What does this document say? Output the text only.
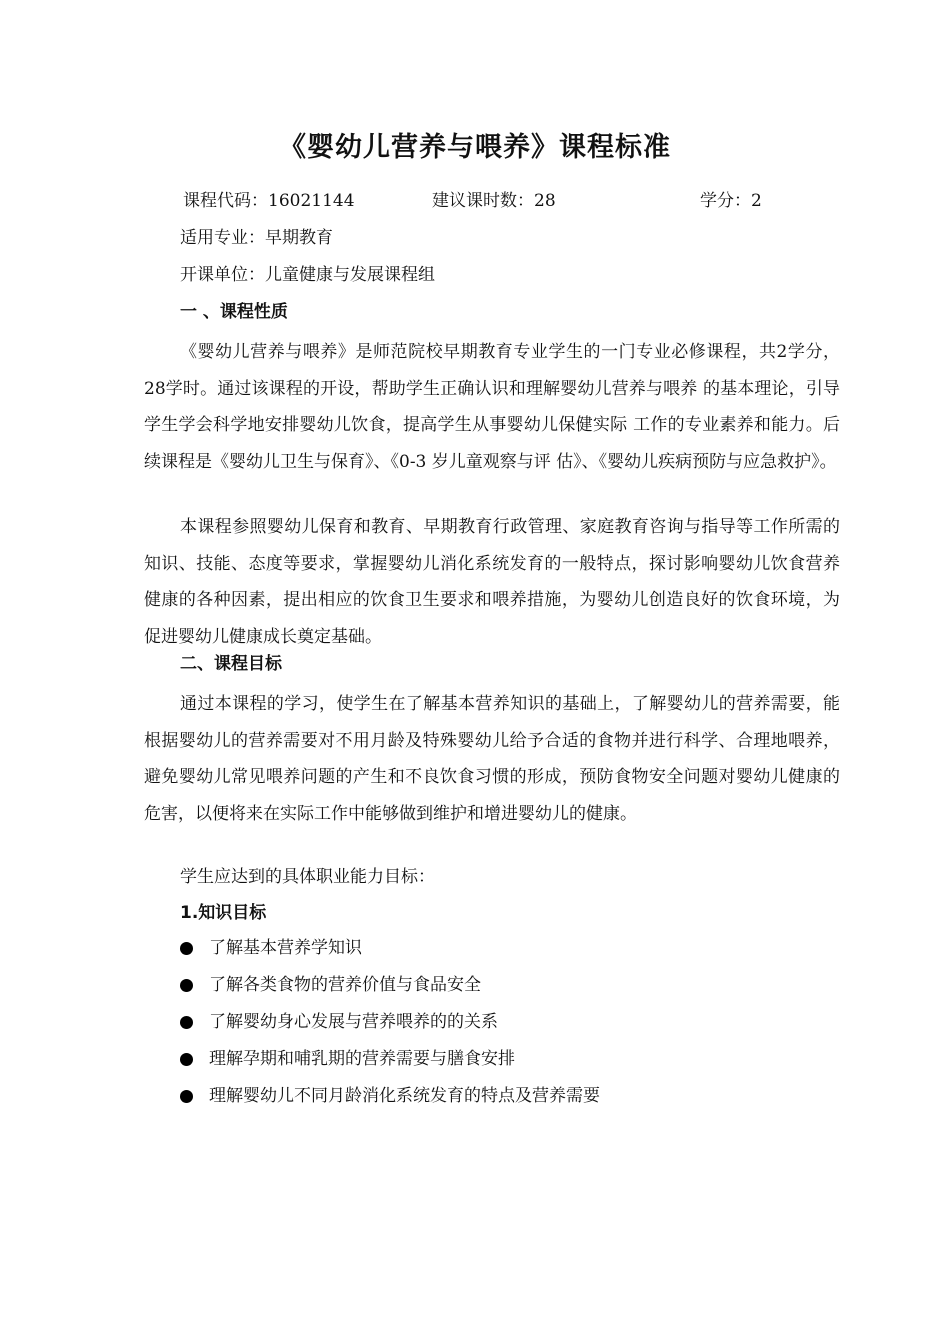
《婴幼儿营养与喂养》课程标准
课程代码：16021144	建议课时数：28	学分：2
适用专业：早期教育
开课单位：儿童健康与发展课程组
一 、课程性质

《婴幼儿营养与喂养》是师范院校早期教育专业学生的一门专业必修课程，共2学分，28学时。通过该课程的开设，帮助学生正确认识和理解婴幼儿营养与喂养 的基本理论，引导学生学会科学地安排婴幼儿饮食，提高学生从事婴幼儿保健实际 工作的专业素养和能力。后续课程是《婴幼儿卫生与保育》、《0-3 岁儿童观察与评 估》、《婴幼儿疾病预防与应急救护》。

本课程参照婴幼儿保育和教育、早期教育行政管理、家庭教育咨询与指导等工作所需的知识、技能、态度等要求，掌握婴幼儿消化系统发育的一般特点，探讨影响婴幼儿饮食营养健康的各种因素，提出相应的饮食卫生要求和喂养措施，为婴幼儿创造良好的饮食环境，为促进婴幼儿健康成长奠定基础。

二、课程目标

通过本课程的学习，使学生在了解基本营养知识的基础上，了解婴幼儿的营养需要，能根据婴幼儿的营养需要对不用月龄及特殊婴幼儿给予合适的食物并进行科学、合理地喂养，避免婴幼儿常见喂养问题的产生和不良饮食习惯的形成，预防食物安全问题对婴幼儿健康的危害，以便将来在实际工作中能够做到维护和增进婴幼儿的健康。

学生应达到的具体职业能力目标：
1.知识目标
了解基本营养学知识
了解各类食物的营养价值与食品安全
了解婴幼身心发展与营养喂养的的关系
理解孕期和哺乳期的营养需要与膳食安排
理解婴幼儿不同月龄消化系统发育的特点及营养需要
